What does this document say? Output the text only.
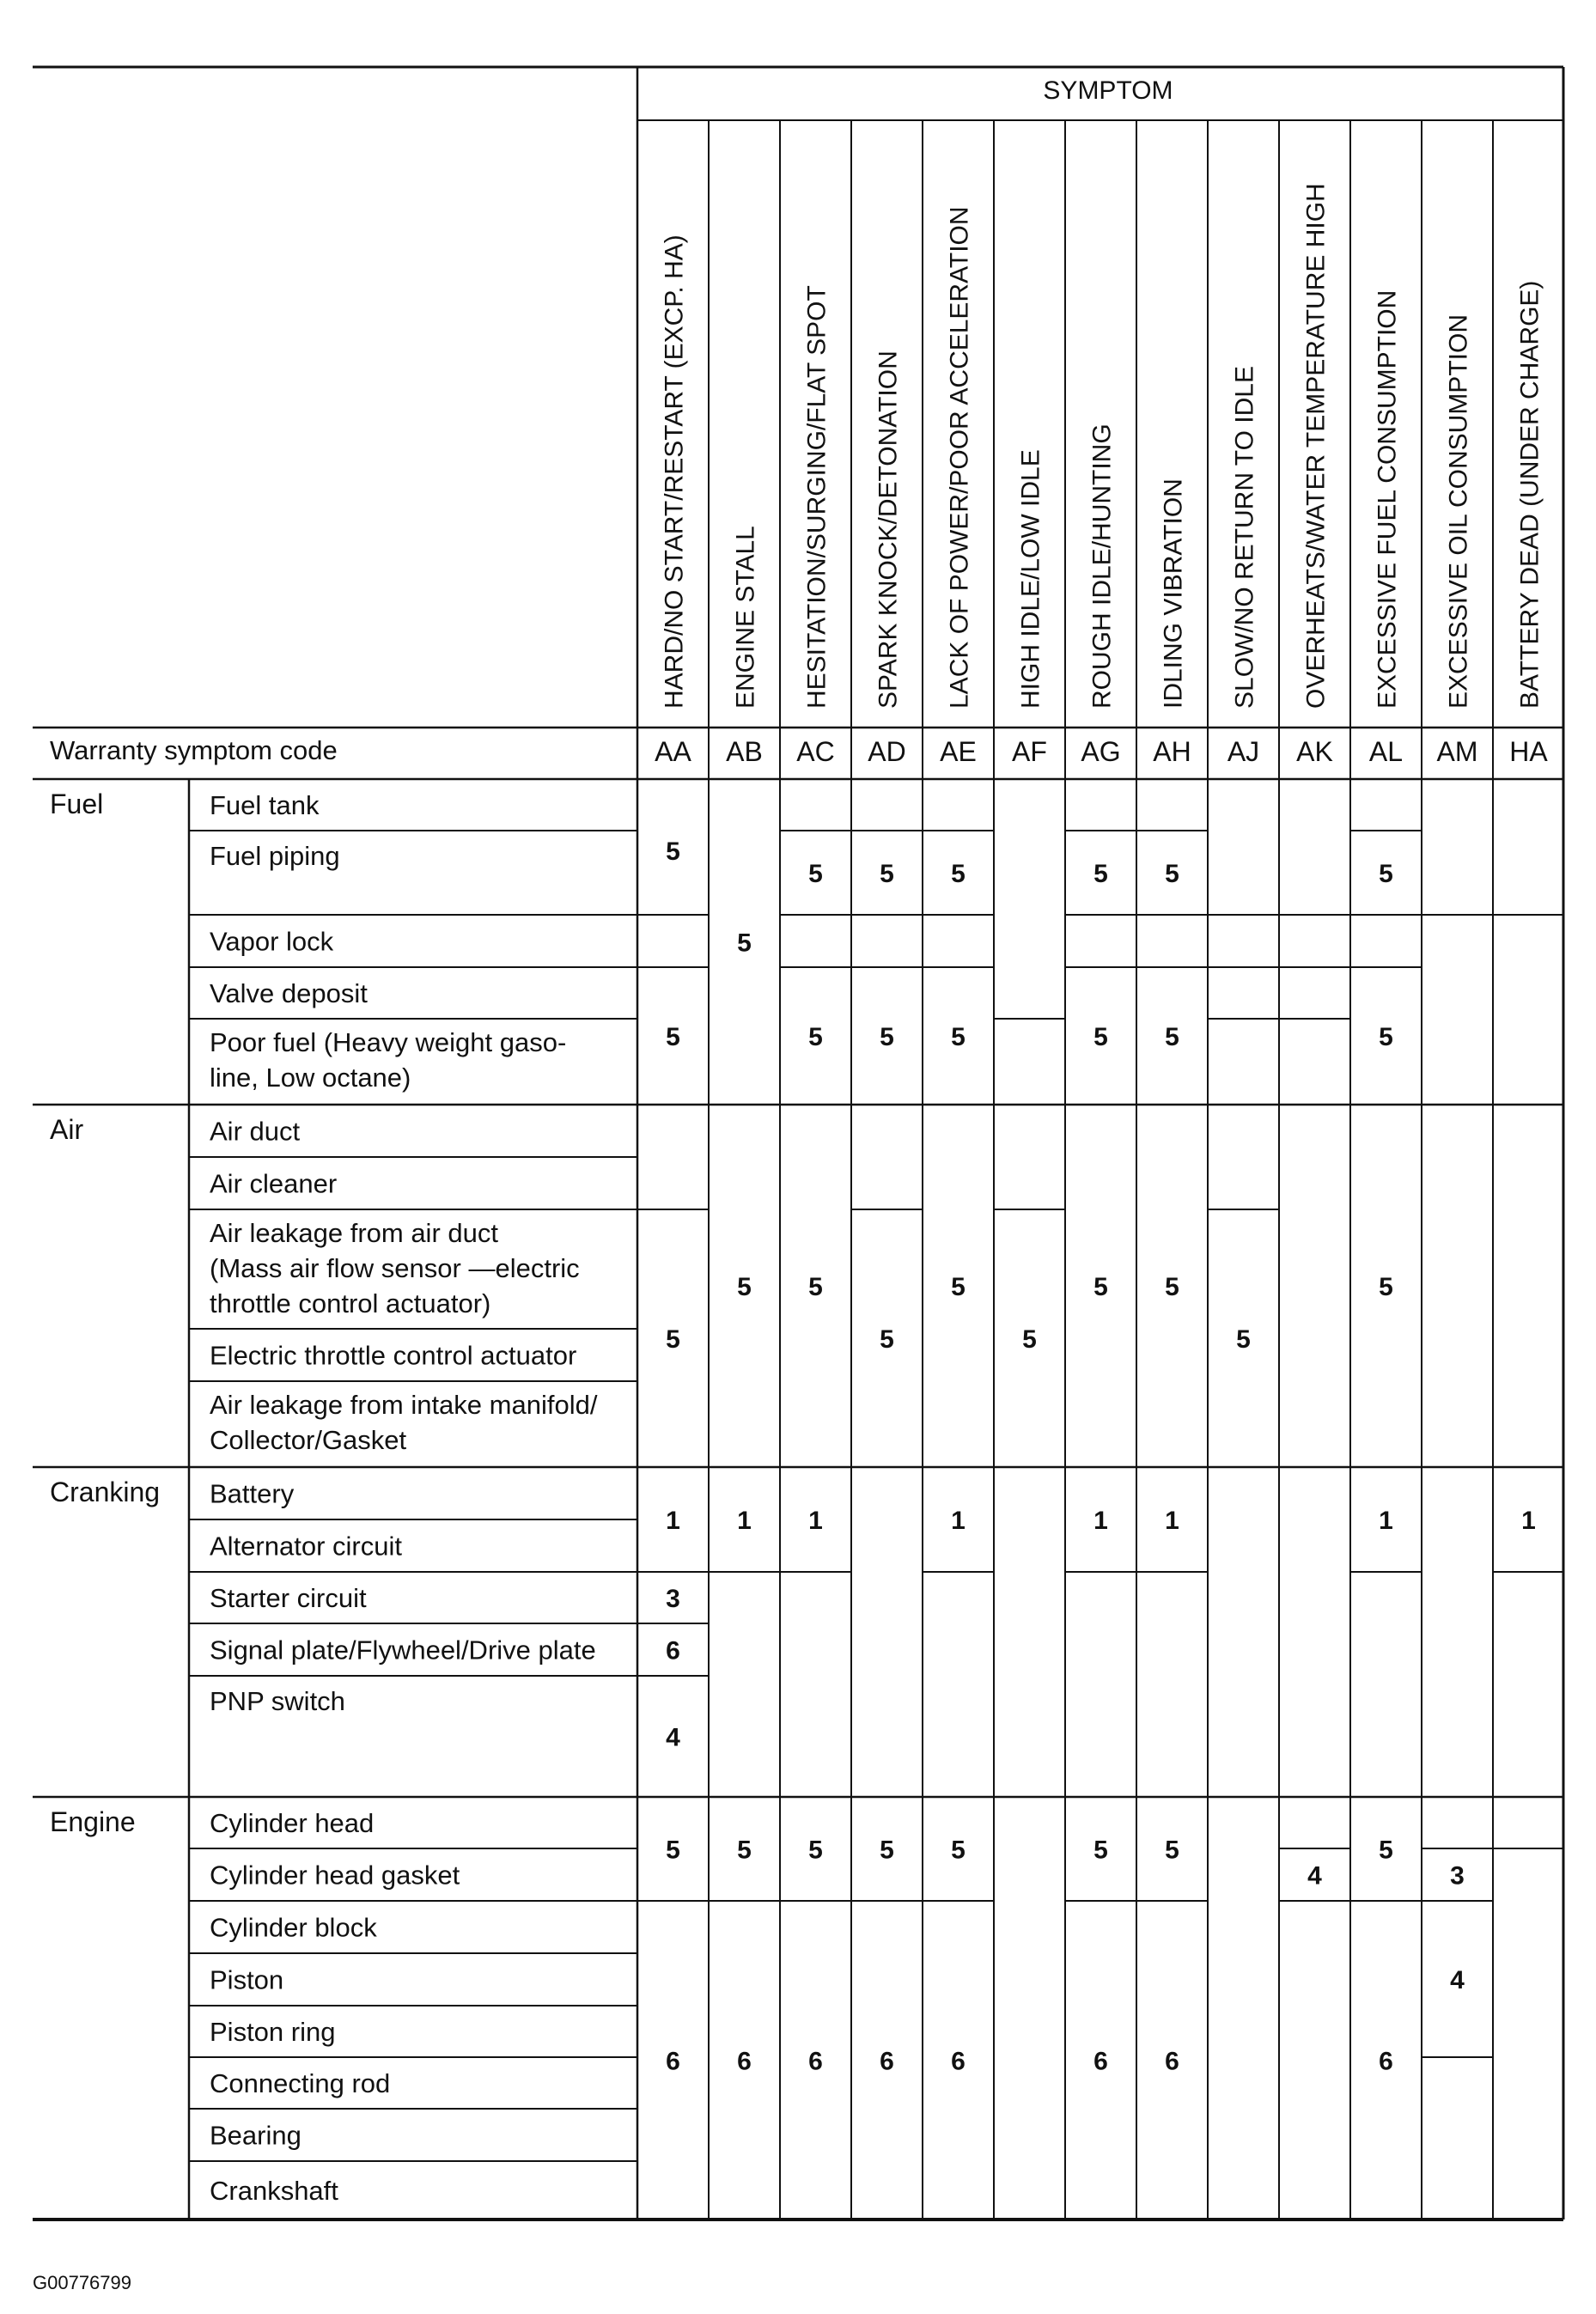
SYMPTOM
Warranty symptom code
HARD/NO START/RESTART (EXCP. HA) ENGINE STALL HESITATION/SURGING/FLAT SPOT SPARK KNOCK/DETONATION LACK OF POWER/POOR ACCELERATION HIGH IDLE/LOW IDLE ROUGH IDLE/HUNTING IDLING VIBRATION SLOW/NO RETURN TO IDLE OVERHEATS/WATER TEMPERATURE HIGH EXCESSIVE FUEL CONSUMPTION EXCESSIVE OIL CONSUMPTION BATTERY DEAD (UNDER CHARGE)
AA AB AC AD AE AF AG AH AJ AK AL AM HA
Fuel
Air
Cranking
Engine
Fuel tank
Fuel piping
Vapor lock
Valve deposit
Poor fuel (Heavy weight gaso-line, Low octane)
Air duct
Air cleaner
Air leakage from air duct (Mass air flow sensor —electric throttle control actuator)
Electric throttle control actuator
Air leakage from intake manifold/ Collector/Gasket
Battery
Alternator circuit
Starter circuit
Signal plate/Flywheel/Drive plate
PNP switch
Cylinder head
Cylinder head gasket
Cylinder block
Piston
Piston ring
Connecting rod
Bearing
Crankshaft
5
5
5
1
3
6
4
5
6
5
5
1
5
6
5
5
5
1
5
6
5
5
5
5
6
5
5
5
1
5
6
5
5
5
5
1
5
6
5
5
5
1
5
6
5
4
5
5
5
1
5
6
3
4
1
G00776799
